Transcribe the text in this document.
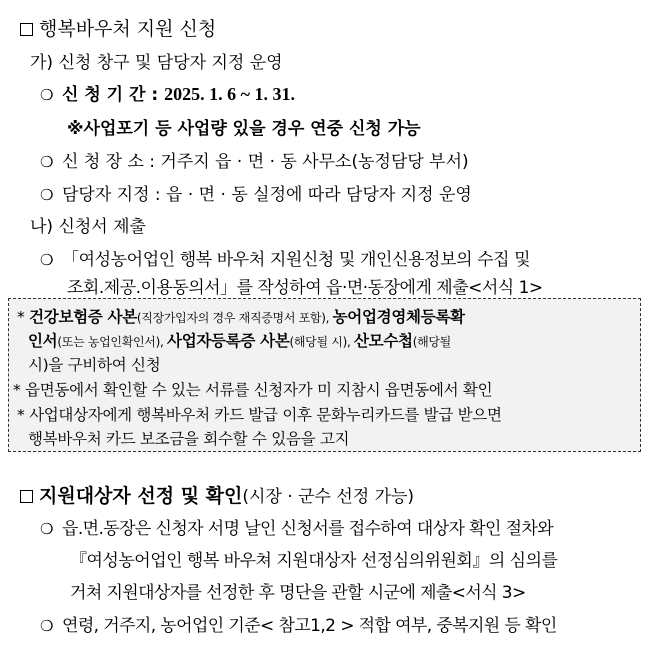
행복바우처 지원 신청
가) 신청 창구 및 담당자 지정 운영
❍ 신 청 기 간 : 2025. 1. 6 ~ 1. 31.
※사업포기 등 사업량 있을 경우 연중 신청 가능
❍ 신 청 장 소 : 거주지 읍 · 면 · 동 사무소(농정담당 부서)
❍ 담당자 지정 : 읍 · 면 · 동 실정에 따라 담당자 지정 운영
나) 신청서 제출
❍ 「여성농어업인 행복 바우처 지원신청 및 개인신용정보의 수집 및
조회.제공.이용동의서」를 작성하여 읍·면·동장에게 제출<서식 1>
* 건강보험증 사본(직장가입자의 경우 재직증명서 포함), 농어업경영체등록확
인서(또는 농업인확인서), 사업자등록증 사본(해당될 시), 산모수첩(해당될
시)을 구비하여 신청
* 읍면동에서 확인할 수 있는 서류를 신청자가 미 지참시 읍면동에서 확인
* 사업대상자에게 행복바우처 카드 발급 이후 문화누리카드를 발급 받으면
행복바우처 카드 보조금을 회수할 수 있음을 고지
지원대상자 선정 및 확인(시장 · 군수 선정 가능)
❍ 읍.면.동장은 신청자 서명 날인 신청서를 접수하여 대상자 확인 절차와
『여성농어업인 행복 바우쳐 지원대상자 선정심의위원회』의 심의를
거쳐 지원대상자를 선정한 후 명단을 관할 시군에 제출<서식 3>
❍ 연령, 거주지, 농어업인 기준< 참고1,2 > 적합 여부, 중복지원 등 확인
